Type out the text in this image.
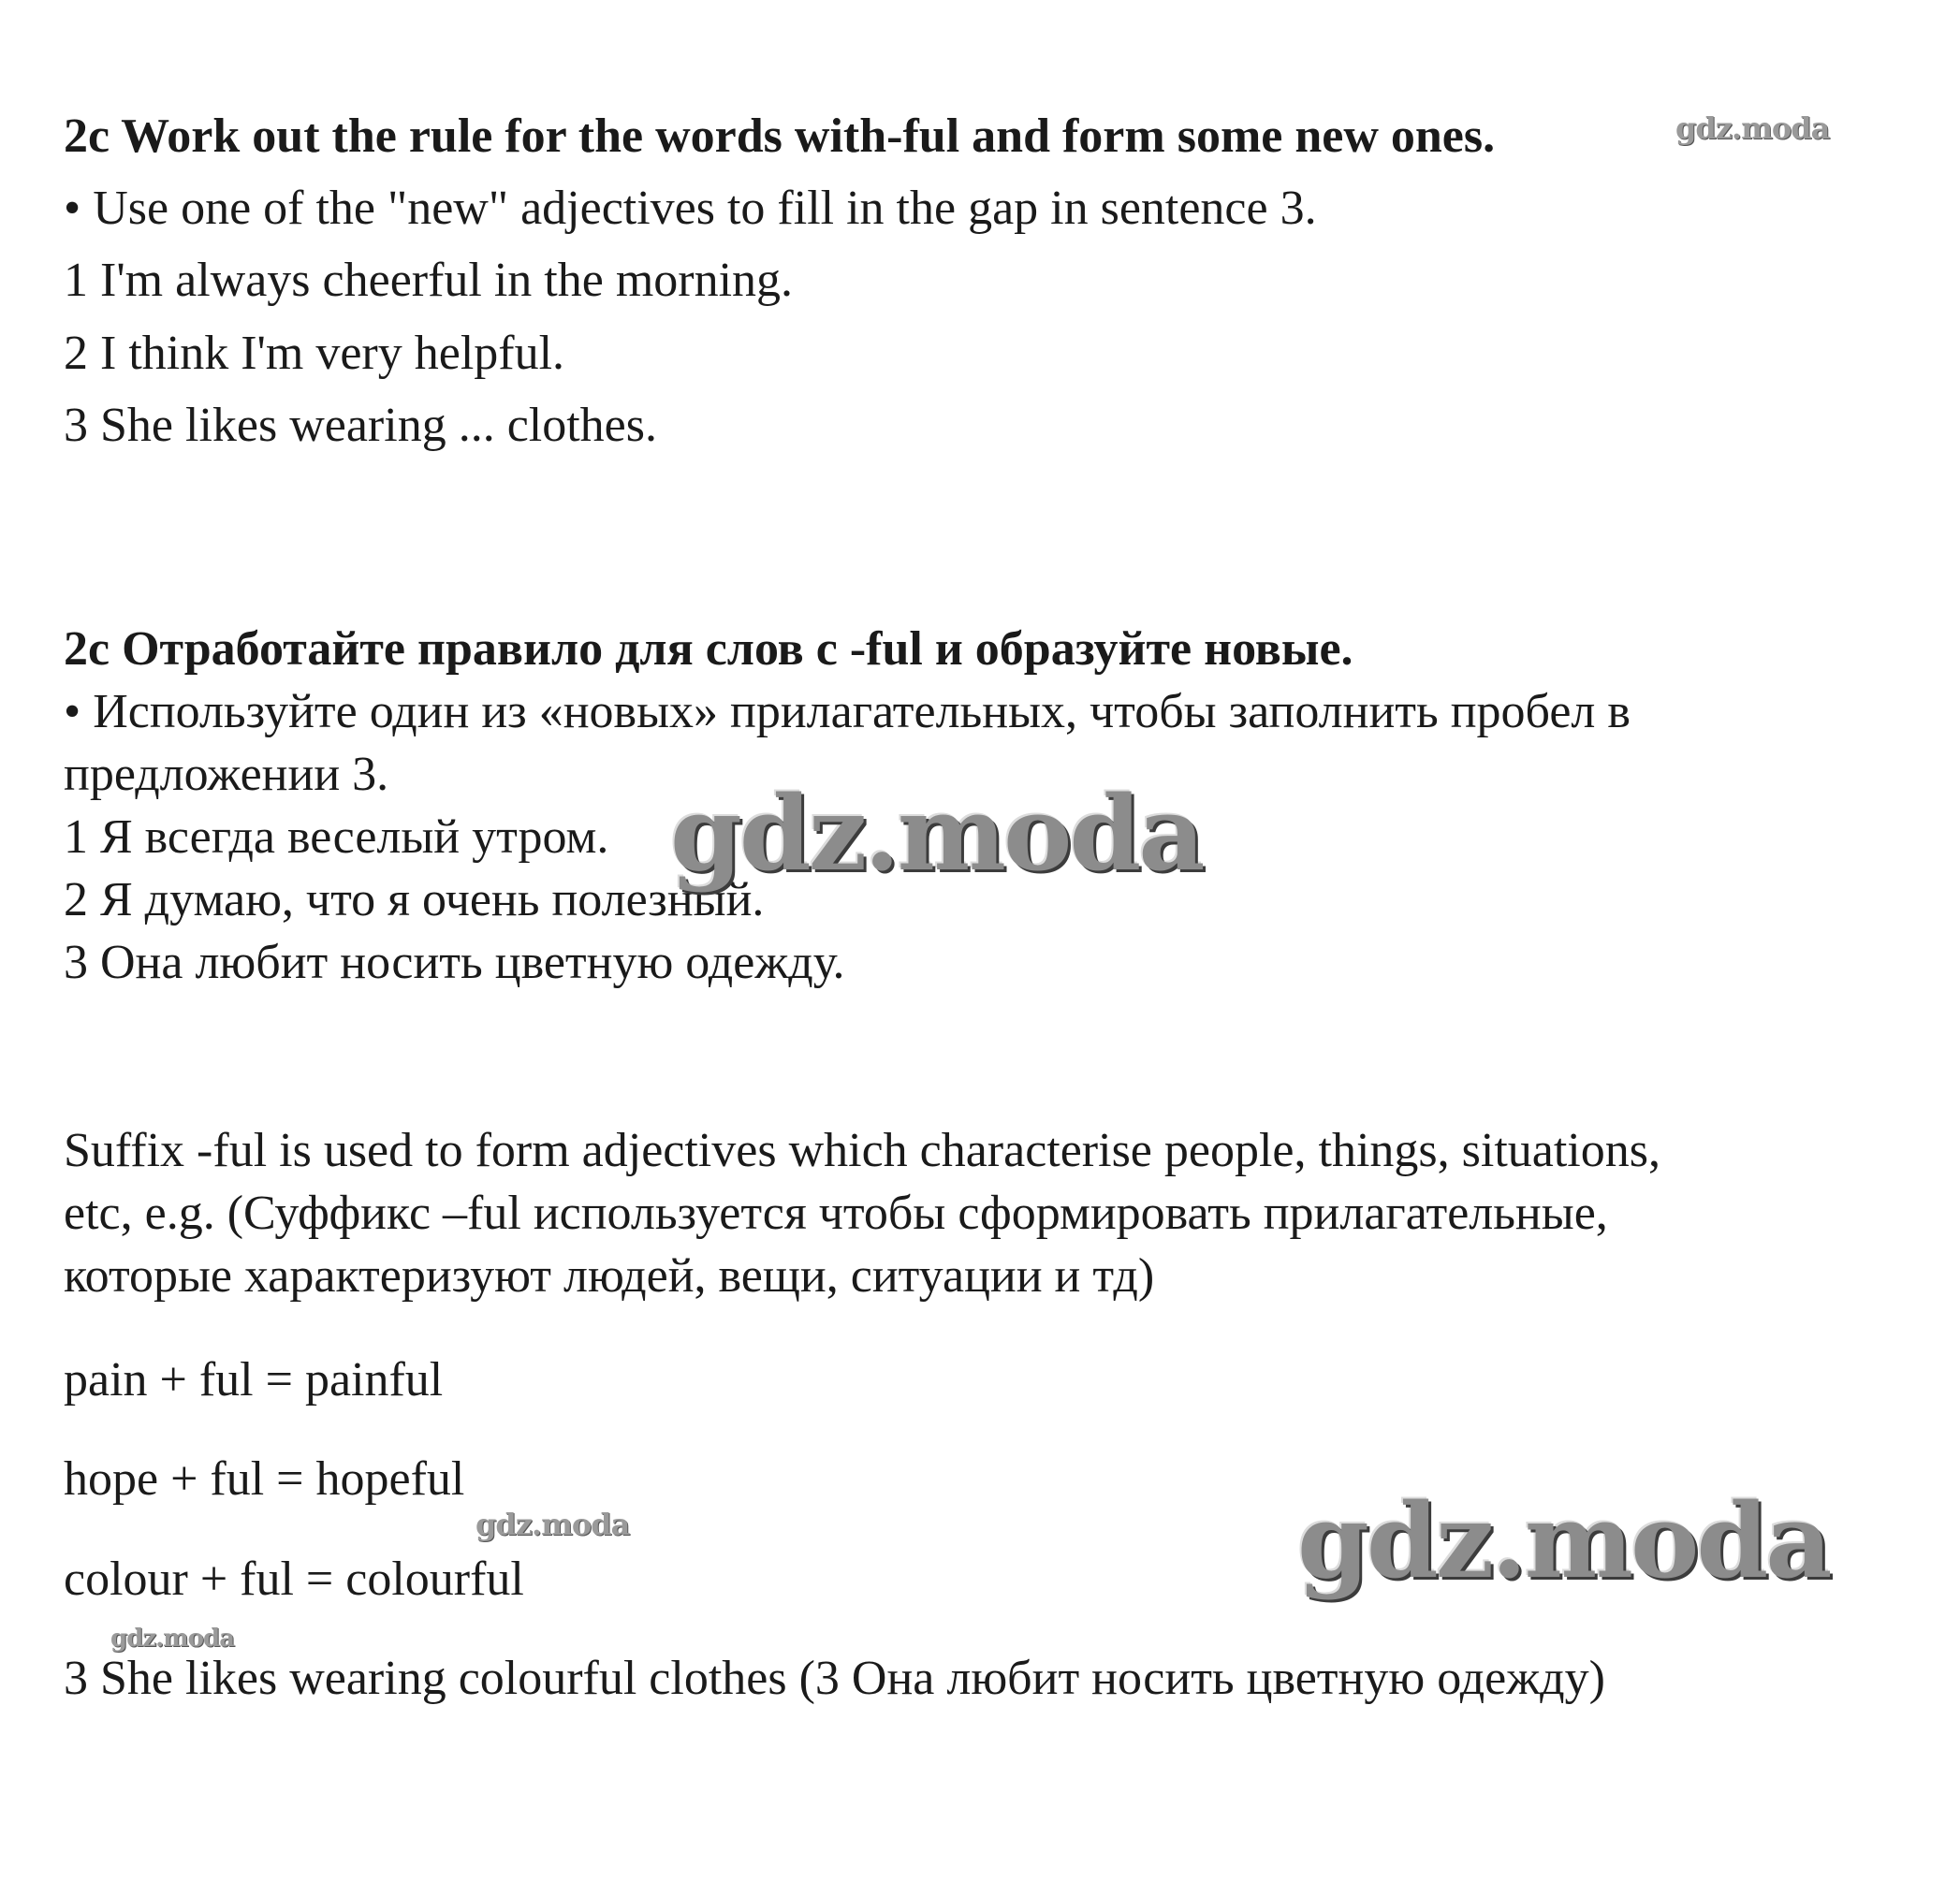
2c Work out the rule for the words with-ful and form some new ones.
• Use one of the "new" adjectives to fill in the gap in sentence 3.
1 I'm always cheerful in the morning.
2 I think I'm very helpful.
3 She likes wearing ... clothes.
2c Отработайте правило для слов с -ful и образуйте новые.
• Используйте один из «новых» прилагательных, чтобы заполнить пробел в
предложении 3.
1 Я всегда веселый утром.
2 Я думаю, что я очень полезный.
3 Она любит носить цветную одежду.
Suffix -ful is used to form adjectives which characterise people, things, situations,
etc, e.g. (Суффикс –ful используется чтобы сформировать прилагательные,
которые характеризуют людей, вещи, ситуации и тд)
pain + ful = painful
hope + ful = hopeful
colour + ful = colourful
3 She likes wearing colourful clothes (3 Она любит носить цветную одежду)
gdz.moda
gdz.moda
gdz.moda	gdz.moda
gdz.moda
